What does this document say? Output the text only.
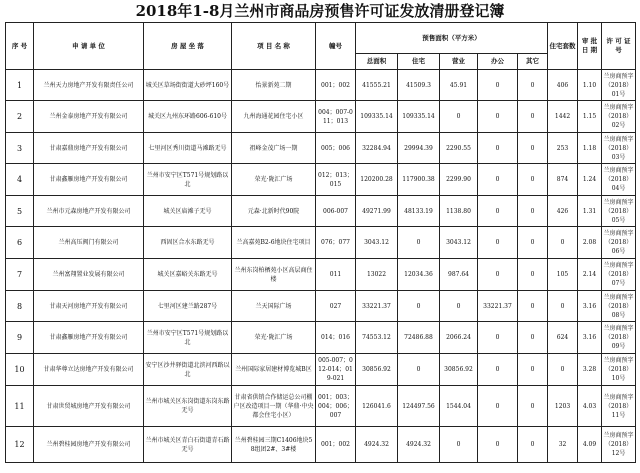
2018年1-8月兰州市商品房预售许可证发放清册登记簿
序 号	申 请 单 位	房 屋 坐 落	项 目 名 称	幢号	预售面积（平方米）					住宅套数	审 批 日 期	许 可 证 号
					总面积	住宅	营业	办公	其它			
1	兰州天力房地产开发有限责任公司	城关区草场街街道大砂坪160号	怡景新苑二期	001；002	41555.21	41509.3	45.91	0	0	406	1.10	兰房商预字（2018）01号
2	兰州金泰房地产开发有限公司	城关区九州东环路606-610号	九州海通花园住宅小区	004；007-011；013	109335.14	109335.14	0	0	0	1442	1.15	兰房商预字（2018）02号
3	甘肃嘉鼎房地产开发有限公司	七里河区秀川街道马滩路无号	祖峰金茂广场一期	005；006	32284.94	29994.39	2290.55	0	0	253	1.18	兰房商预字（2018）03号
4	甘肃鑫雁房地产开发有限公司	兰州市安宁区T571号规划路以北	荣光·陇汇广场	012；013；015	120200.28	117900.38	2299.90	0	0	874	1.24	兰房商预字（2018）04号
5	兰州市元森房地产开发有限公司	城关区庙滩子无号	元森·北新时代90院	006-007	49271.99	48133.19	1138.80	0	0	426	1.31	兰房商预字（2018）05号
6	兰州高压阀门有限公司	西固区合水东路无号	兰高嘉苑B2-6地块住宅项目	076；077	3043.12	0	3043.12	0	0	0	2.08	兰房商预字（2018）06号
7	兰州富翔置业发展有限公司	城关区嘉峪关东路无号	兰州东岗柏栖苑小区高层商住楼	011	13022	12034.36	987.64	0	0	105	2.14	兰房商预字（2018）07号
8	甘肃天河房地产开发有限公司	七里河区建兰路287号	兰天国际广场	027	33221.37	0	0	33221.37	0	0	3.16	兰房商预字（2018）08号
9	甘肃鑫雁房地产开发有限公司	兰州市安宁区T571号规划路以北	荣光·陇汇广场	014；016	74553.12	72486.88	2066.24	0	0	624	3.16	兰房商预字（2018）09号
10	甘肃华尊立达房地产开发有限公司	安宁区沙井驿街道北滨河西路以北	兰州国际家居建材博览城B区	005-007；012-014；019-021	30856.92	0	30856.92	0	0	0	3.28	兰房商预字（2018）10号
11	甘肃世贸城房地产开发有限公司	兰州市城关区东岗街道东岗东路无号	甘肃省供销合作储运总公司棚户区改造项目一期（华鼎·中央都会住宅小区）	001；003；004；006；007	126041.6	124497.56	1544.04	0	0	1203	4.03	兰房商预字（2018）11号
12	兰州碧桂园房地产开发有限公司	兰州市城关区青白石街道青石路无号	兰州碧桂园三期C1406地块58组团2#、3#楼	001；002	4924.32	4924.32	0	0	0	32	4.09	兰房商预字（2018）12号
